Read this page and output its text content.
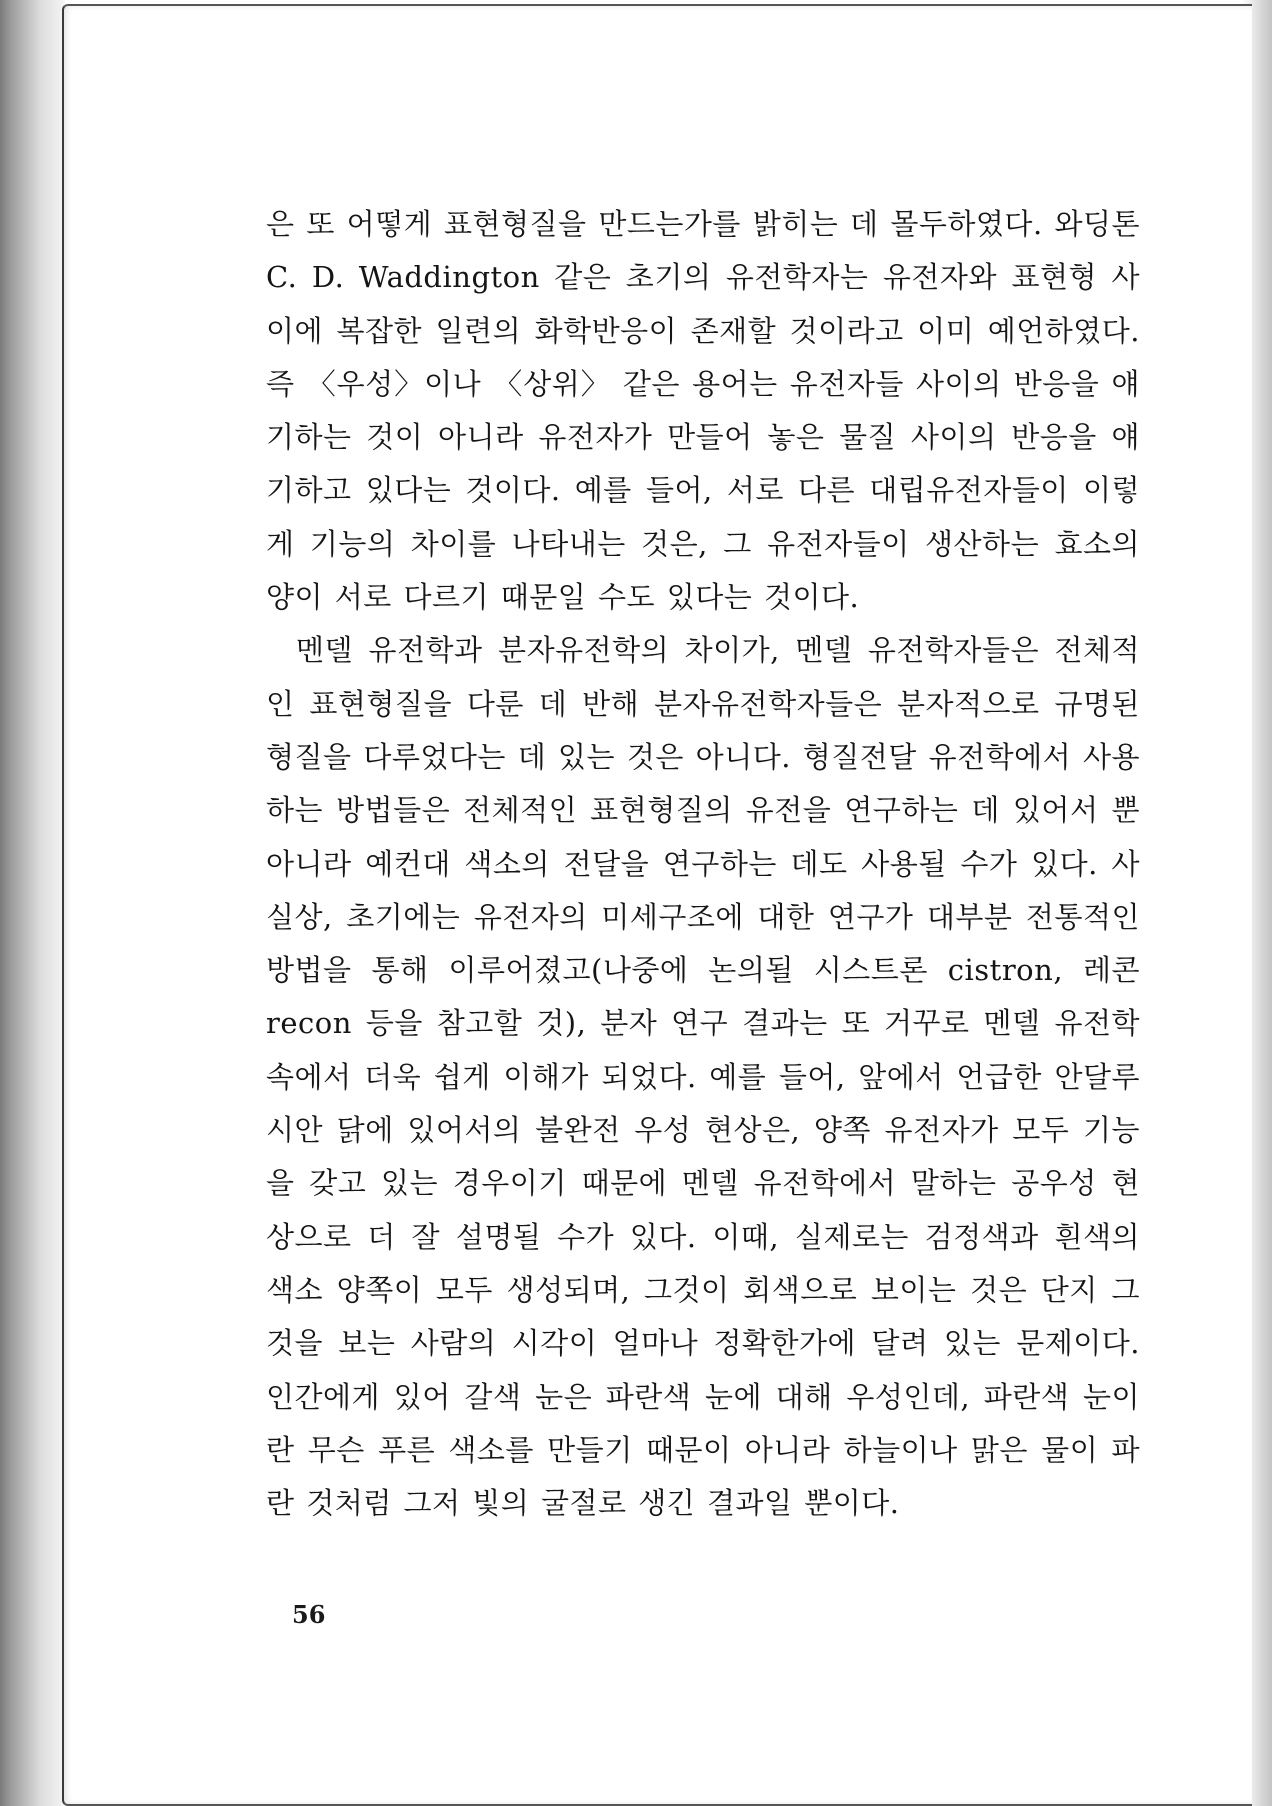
은 또 어떻게 표현형질을 만드는가를 밝히는 데 몰두하였다. 와딩톤 C. D. Waddington 같은 초기의 유전학자는 유전자와 표현형 사이에 복잡한 일련의 화학반응이 존재할 것이라고 이미 예언하였다. 즉 〈우성〉이나 〈상위〉 같은 용어는 유전자들 사이의 반응을 얘기하는 것이 아니라 유전자가 만들어 놓은 물질 사이의 반응을 얘기하고 있다는 것이다. 예를 들어, 서로 다른 대립유전자들이 이렇게 기능의 차이를 나타내는 것은, 그 유전자들이 생산하는 효소의 양이 서로 다르기 때문일 수도 있다는 것이다.

멘델 유전학과 분자유전학의 차이가, 멘델 유전학자들은 전체적인 표현형질을 다룬 데 반해 분자유전학자들은 분자적으로 규명된 형질을 다루었다는 데 있는 것은 아니다. 형질전달 유전학에서 사용하는 방법들은 전체적인 표현형질의 유전을 연구하는 데 있어서 뿐 아니라 예컨대 색소의 전달을 연구하는 데도 사용될 수가 있다. 사실상, 초기에는 유전자의 미세구조에 대한 연구가 대부분 전통적인 방법을 통해 이루어졌고(나중에 논의될 시스트론 cistron, 레콘 recon 등을 참고할 것), 분자 연구 결과는 또 거꾸로 멘델 유전학 속에서 더욱 쉽게 이해가 되었다. 예를 들어, 앞에서 언급한 안달루시안 닭에 있어서의 불완전 우성 현상은, 양쪽 유전자가 모두 기능을 갖고 있는 경우이기 때문에 멘델 유전학에서 말하는 공우성 현상으로 더 잘 설명될 수가 있다. 이때, 실제로는 검정색과 흰색의 색소 양쪽이 모두 생성되며, 그것이 회색으로 보이는 것은 단지 그것을 보는 사람의 시각이 얼마나 정확한가에 달려 있는 문제이다. 인간에게 있어 갈색 눈은 파란색 눈에 대해 우성인데, 파란색 눈이란 무슨 푸른 색소를 만들기 때문이 아니라 하늘이나 맑은 물이 파란 것처럼 그저 빛의 굴절로 생긴 결과일 뿐이다.

56
